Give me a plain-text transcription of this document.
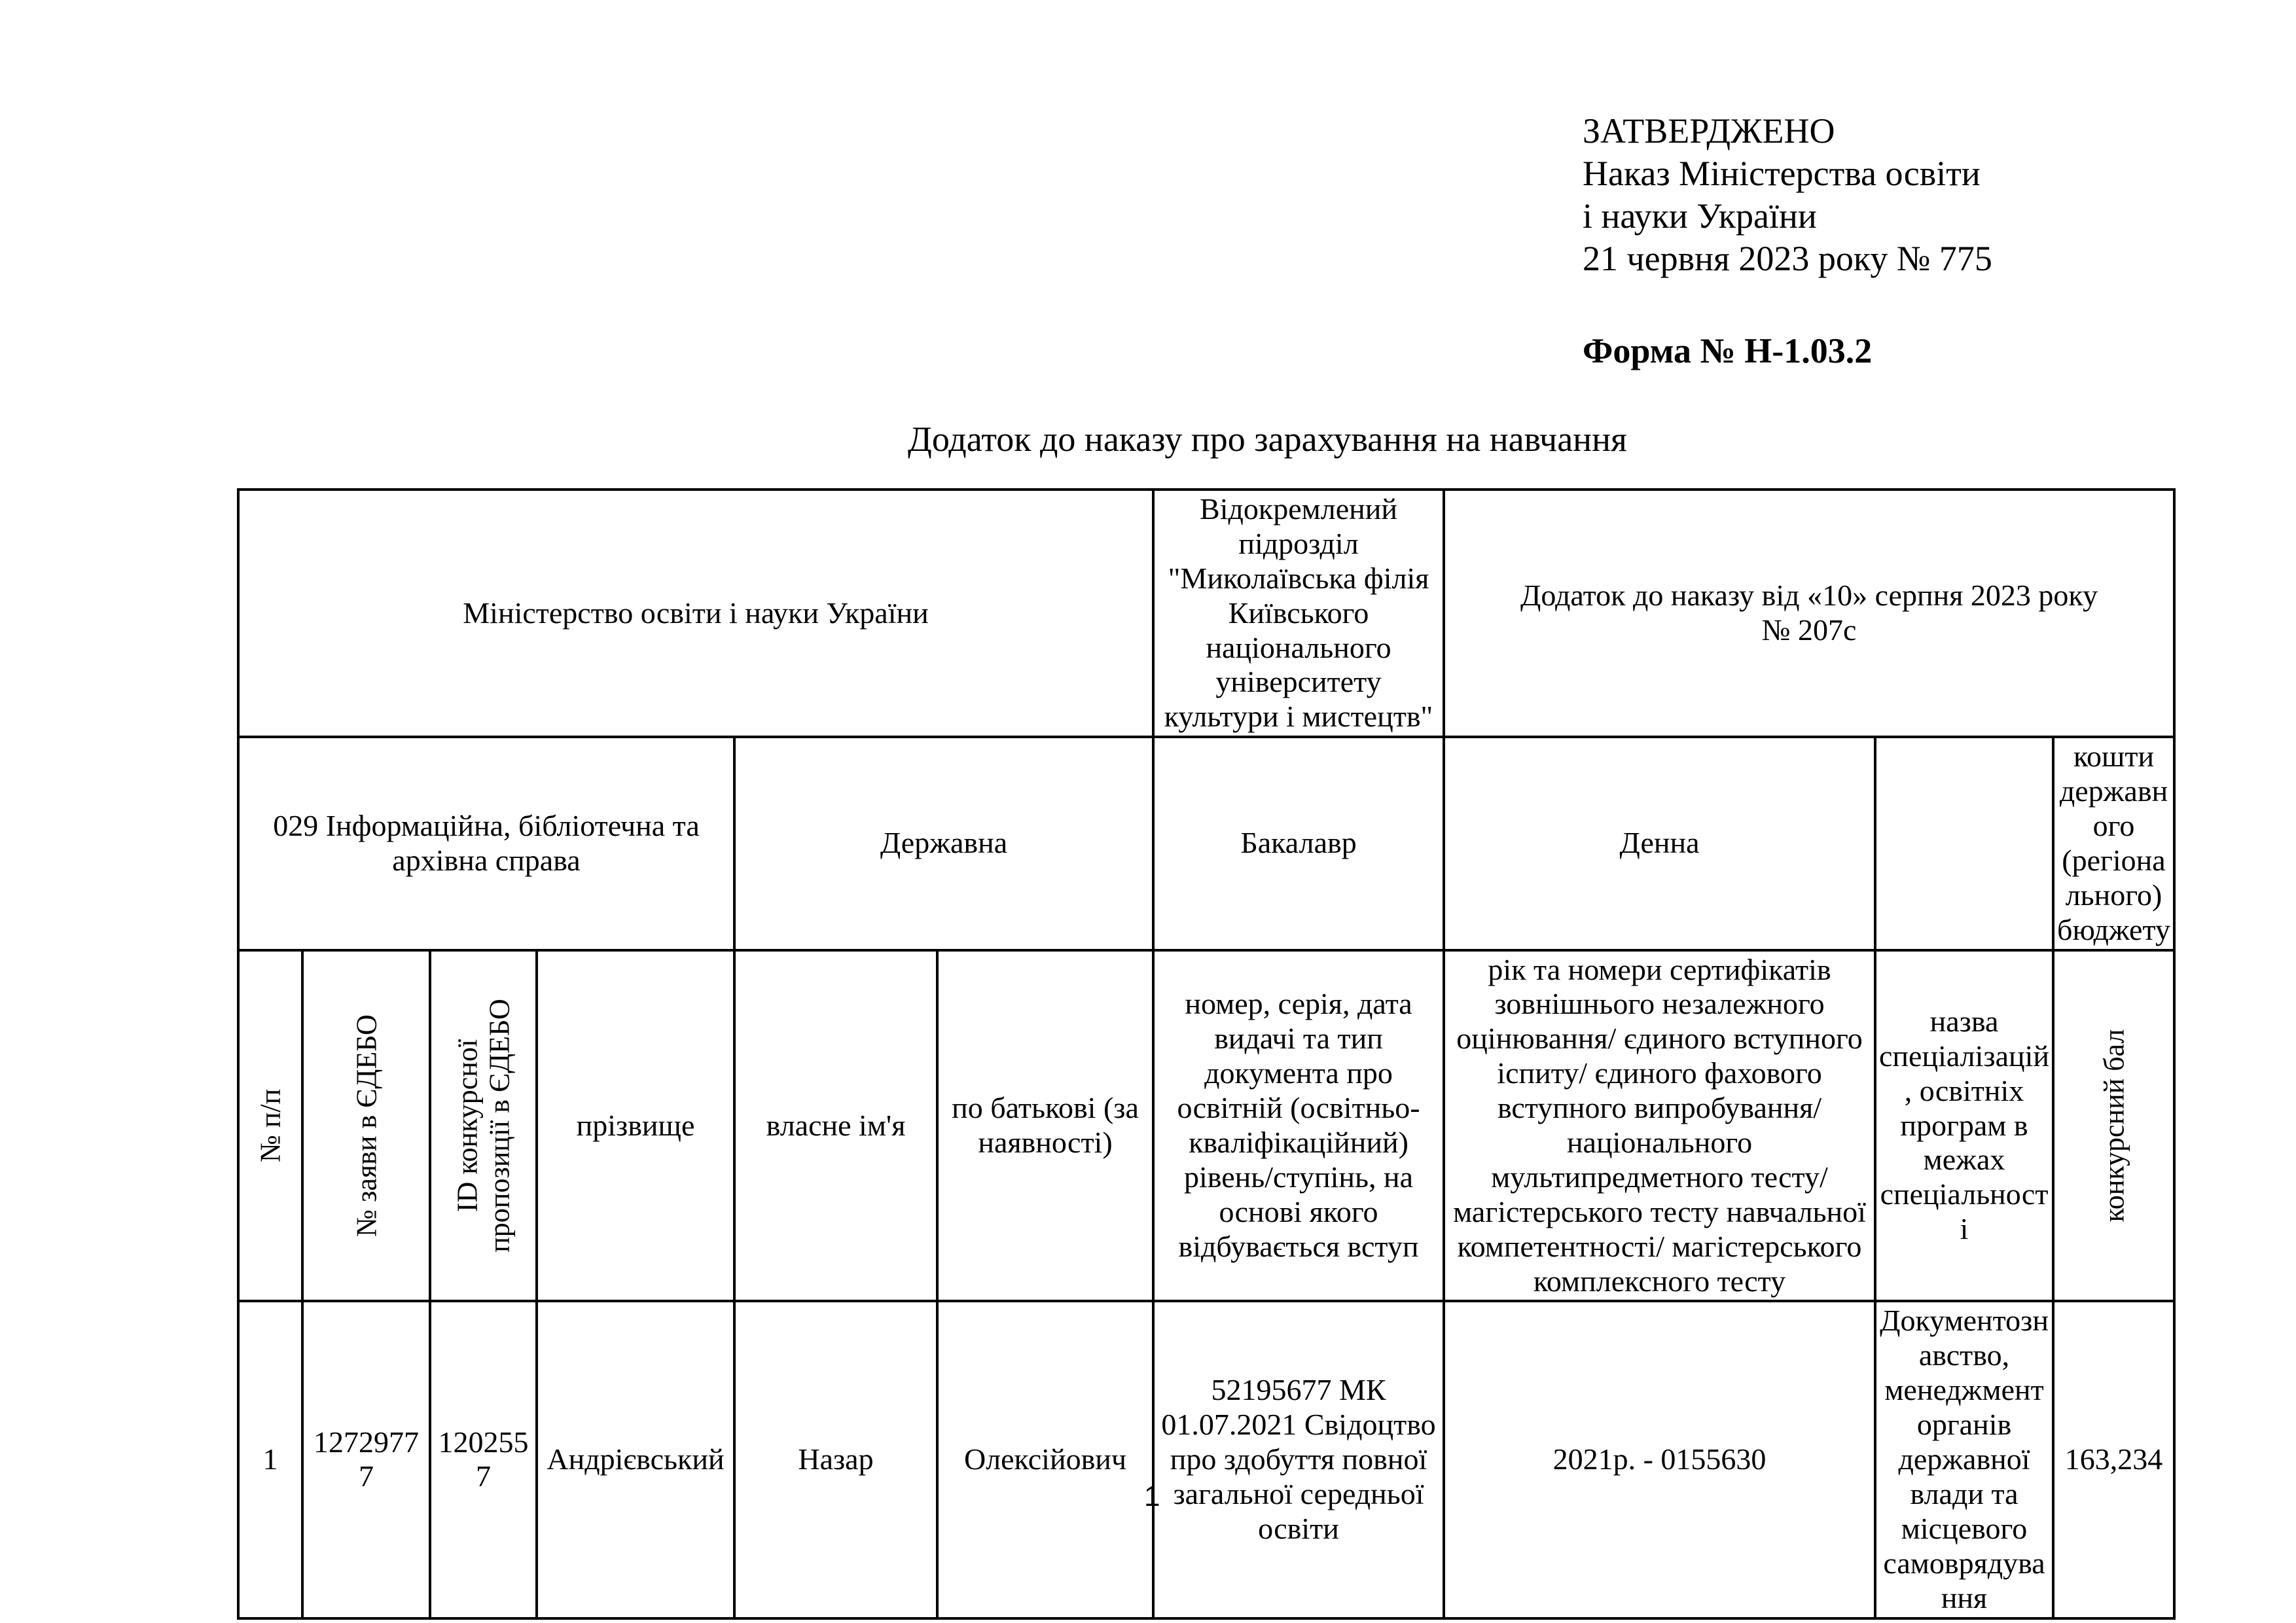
ЗАТВЕРДЖЕНО
Наказ Міністерства освіти
і науки України
21 червня 2023 року № 775
Форма № Н-1.03.2
Додаток до наказу про зарахування на навчання
Міністерство освіти і науки України						Відокремлений підрозділ "Миколаївська філія Київського національного університету культури і мистецтв"	Додаток до наказу від «10» серпня 2023 року
№ 207с		

029 Інформаційна, бібліотечна та архівна справа				Державна		Бакалавр	Денна		кошти державного (регіонального) бюджету

№ п/п	№ заяви в ЄДЕБО	ID конкурсної пропозиції в ЄДЕБО	прізвище	власне ім'я	по батькові (за наявності)	номер, серія, дата видачі та тип документа про освітній (освітньо-кваліфікаційний) рівень/ступінь, на основі якого відбувається вступ	рік та номери сертифікатів зовнішнього незалежного оцінювання/ єдиного вступного іспиту/ єдиного фахового вступного випробування/ національного мультипредметного тесту/ магістерського тесту навчальної компетентності/ магістерського комплексного тесту	назва спеціалізацій, освітніх програм в межах спеціальності	конкурсний бал

1	12729777	1202557	Андрієвський	Назар	Олексійович	52195677 МК 01.07.2021 Свідоцтво про здобуття повної загальної середньої освіти	2021р. - 0155630	Документознавство, менеджмент органів державної влади та місцевого самоврядування	163,234
1
